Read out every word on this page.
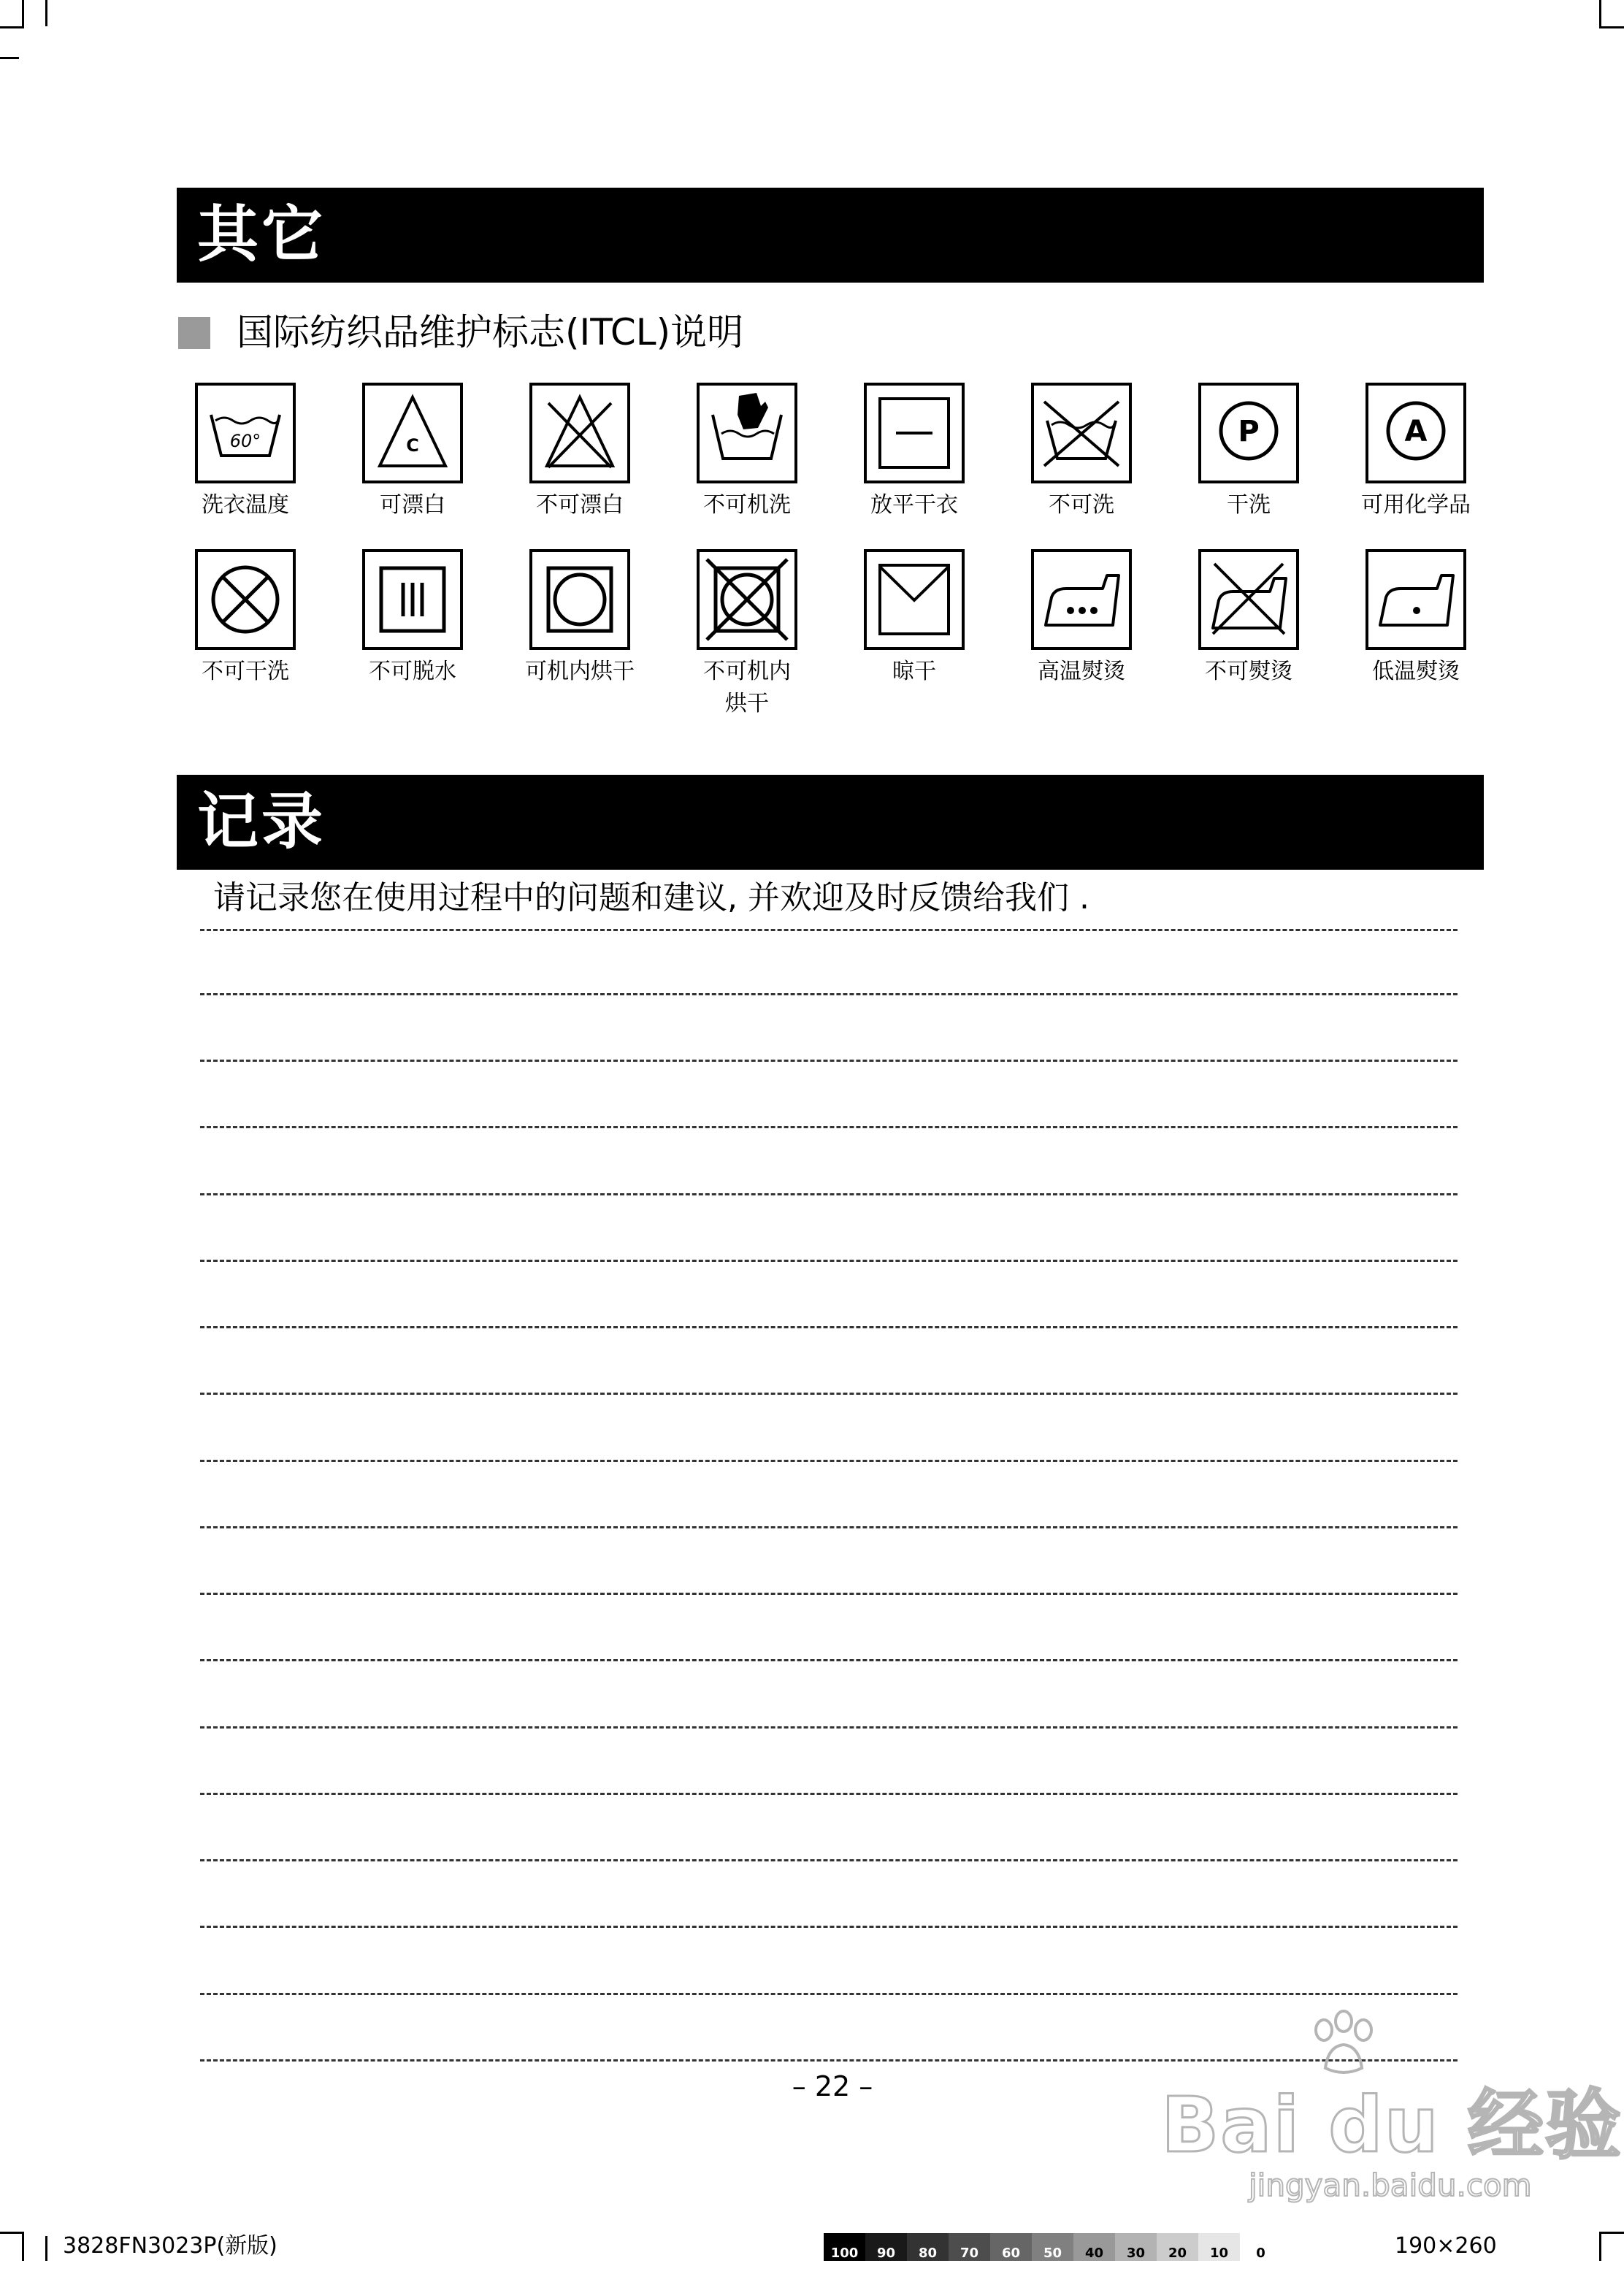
其它
国际纺织品维护标志(ITCL)说明
60°
洗衣温度
C
可漂白	不可漂白	不可机洗	放平干衣	不可洗
P
干洗
A
可用化学品
不可干洗	不可脱水	可机内烘干	不可机内
烘干
晾干	高温熨烫	不可熨烫	低温熨烫
记录
请记录您在使用过程中的问题和建议, 并欢迎及时反馈给我们 .
– 22 –	Bai du 经验
jingyan.baidu.com
3828FN3023P(新版)	100	90	80	70	60	50	40	30	20	10	0	190×260
